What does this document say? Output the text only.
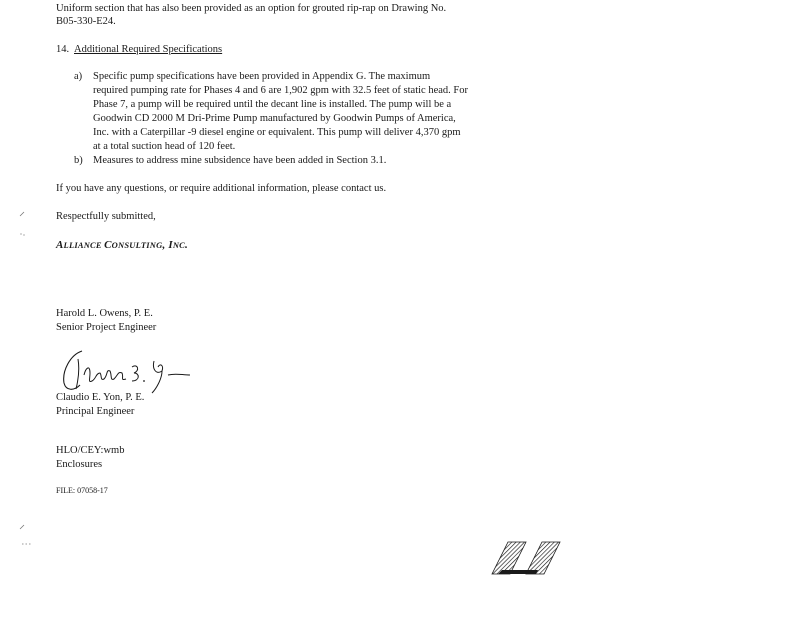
Uniform section that has also been provided as an option for grouted rip-rap on Drawing No.
B05-330-E24.
14. Additional Required Specifications
a) Specific pump specifications have been provided in Appendix G. The maximum
required pumping rate for Phases 4 and 6 are 1,902 gpm with 32.5 feet of static head. For
Phase 7, a pump will be required until the decant line is installed. The pump will be a
Goodwin CD 2000 M Dri-Prime Pump manufactured by Goodwin Pumps of America,
Inc. with a Caterpillar -9 diesel engine or equivalent. This pump will deliver 4,370 gpm
at a total suction head of 120 feet.
b) Measures to address mine subsidence have been added in Section 3.1.
If you have any questions, or require additional information, please contact us.
Respectfully submitted,
ALLIANCE CONSULTING, INC.
Harold L. Owens, P. E.
Senior Project Engineer
Claudio E. Yon, P. E.
Principal Engineer
HLO/CEY:wmb
Enclosures
FILE: 07058-17
